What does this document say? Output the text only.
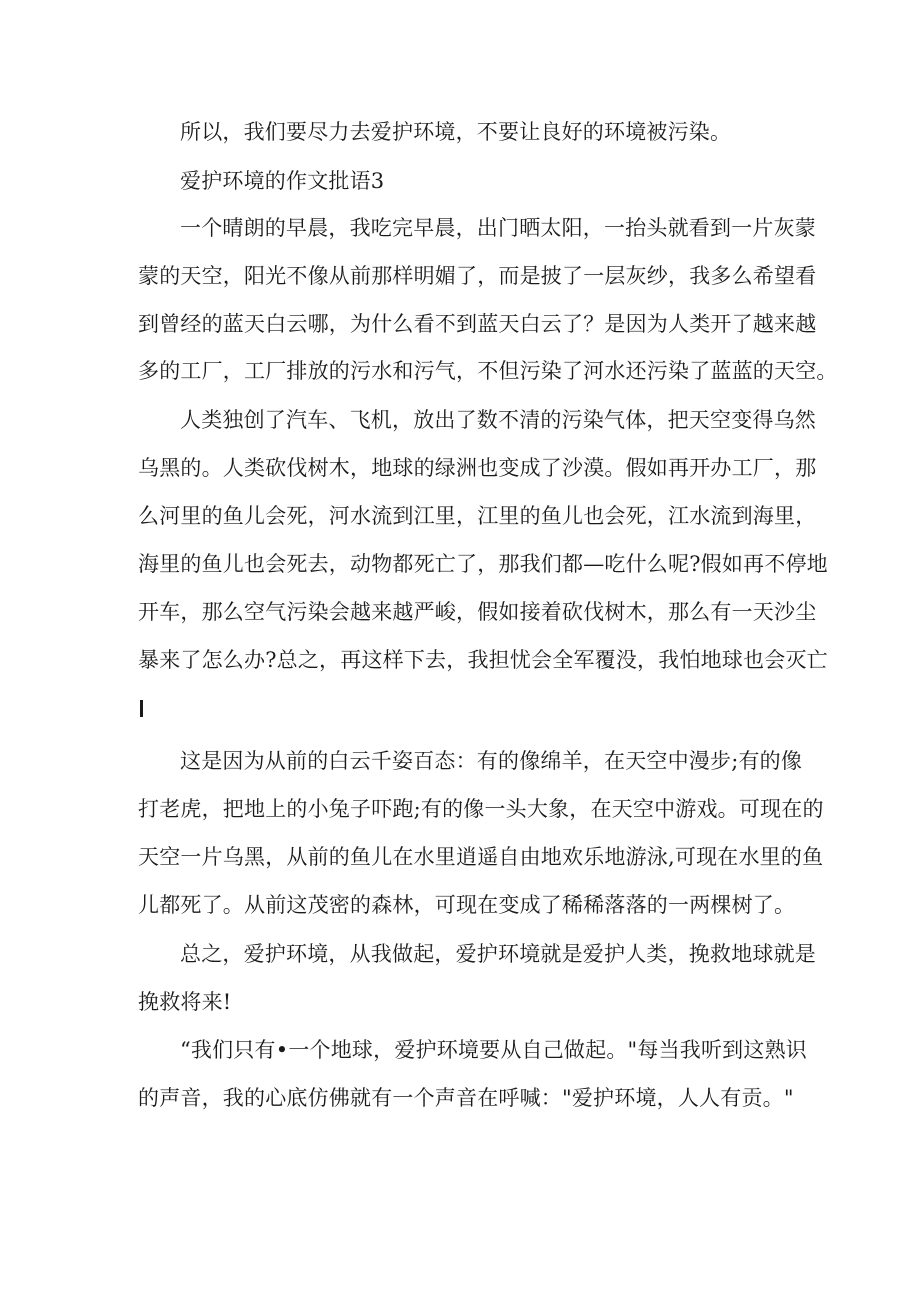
所以，我们要尽力去爱护环境，不要让良好的环境被污染。

爱护环境的作文批语3

一个晴朗的早晨，我吃完早晨，出门晒太阳，一抬头就看到一片灰蒙

蒙的天空，阳光不像从前那样明媚了，而是披了一层灰纱，我多么希望看

到曾经的蓝天白云哪，为什么看不到蓝天白云了？是因为人类开了越来越

多的工厂，工厂排放的污水和污气，不但污染了河水还污染了蓝蓝的天空。

人类独创了汽车、飞机，放出了数不清的污染气体，把天空变得乌然

乌黑的。人类砍伐树木，地球的绿洲也变成了沙漠。假如再开办工厂，那

么河里的鱼儿会死，河水流到江里，江里的鱼儿也会死，江水流到海里，

海里的鱼儿也会死去，动物都死亡了，那我们都—吃什么呢?假如再不停地

开车，那么空气污染会越来越严峻，假如接着砍伐树木，那么有一天沙尘

暴来了怎么办?总之，再这样下去，我担忧会全军覆没，我怕地球也会灭亡

这是因为从前的白云千姿百态：有的像绵羊，在天空中漫步;有的像

打老虎，把地上的小兔子吓跑;有的像一头大象，在天空中游戏。可现在的

天空一片乌黑，从前的鱼儿在水里逍遥自由地欢乐地游泳,可现在水里的鱼

儿都死了。从前这茂密的森林，可现在变成了稀稀落落的一两棵树了。

总之，爱护环境，从我做起，爱护环境就是爱护人类，挽救地球就是

挽救将来!

“我们只有•一个地球，爱护环境要从自己做起。"每当我听到这熟识

的声音，我的心底仿佛就有一个声音在呼喊："爱护环境，人人有贡。"
